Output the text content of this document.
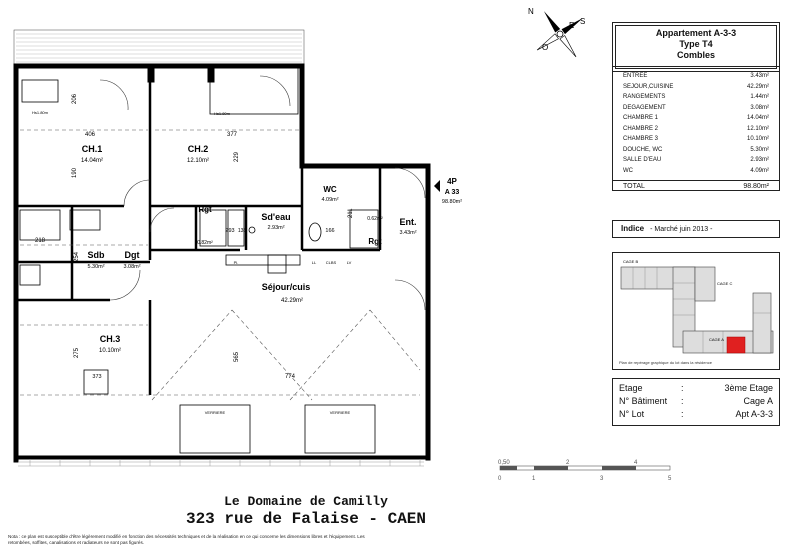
VERRIERE	VERRIERE
CH.1
14.04m²
CH.2
12.10m²
CH.3
10.10m²
WC
4.09m²
Sd'eau
2.93m²
Sdb
5.30m²
Dgt
3.08m²
Ent.
3.43m²
Séjour/cuis
42.29m²
Rgt
0.82m²	Rgt
0.62m²
Hs1.80m	Hs1.80m
Pl.	LL CLBS	LV
206
406	377
190
229
218
254
275	565
774
211
166
373
293 138
4P
A 33
98.80m²
N
E S
O
Appartement A-3-3
Type T4
Combles
ENTREE	3.43m²
SEJOUR,CUISINE	42.29m²
RANGEMENTS	1.44m²
DEGAGEMENT	3.08m²
CHAMBRE 1	14.04m²
CHAMBRE 2	12.10m²
CHAMBRE 3	10.10m²
DOUCHE, WC	5.30m²
SALLE D'EAU	2.93m²
WC	4.09m²
TOTAL	98.80m²
Indice - Marché juin 2013 -
CAGE B
CAGE C
CAGE A
Plan de repérage graphique du lot dans la résidence
Etage	:	3ème Etage
N° Bâtiment	:	Cage A
N° Lot	:	Apt A-3-3
0,50	2	4
0	1	3	5
Le Domaine de Camilly
323 rue de Falaise - CAEN
Nota : ce plan est susceptible d'être légèrement modifié en fonction des nécessités techniques et de la réalisation en ce qui concerne les dimensions libres et l'équipement. Les retombées, soffites, canalisations et radiateurs ne sont pas figurés.
